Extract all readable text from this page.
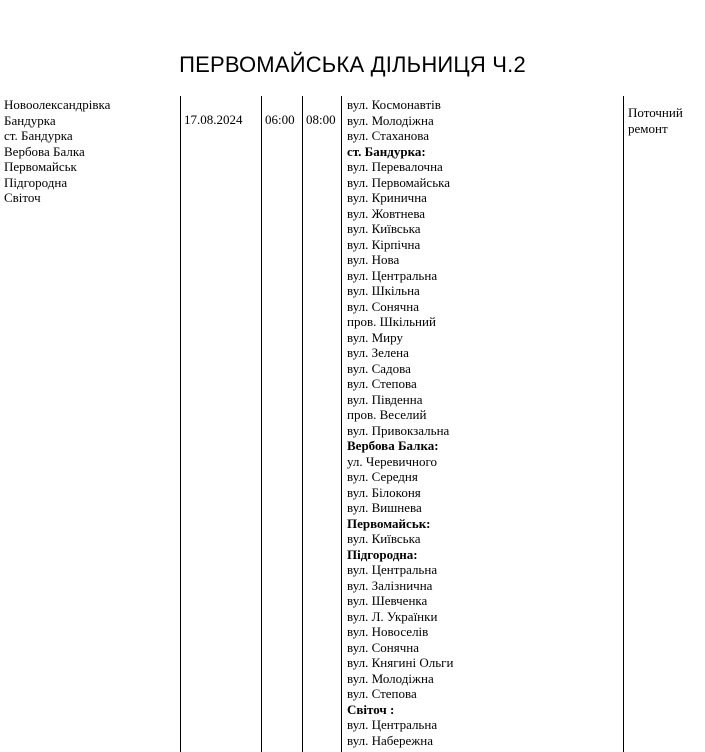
ПЕРВОМАЙСЬКА ДІЛЬНИЦЯ Ч.2
Новоолександрівка
Бандурка
ст. Бандурка
Вербова Балка
Первомайськ
Підгородна
Світоч
17.08.2024 06:00 08:00
вул. Космонавтів
вул. Молодіжна
вул. Стаханова
ст. Бандурка:
вул. Перевалочна
вул. Первомайська
вул. Кринична
вул. Жовтнева
вул. Київська
вул. Кірпічна
вул. Нова
вул. Центральна
вул. Шкільна
вул. Сонячна
пров. Шкільний
вул. Миру
вул. Зелена
вул. Садова
вул. Степова
вул. Південна
пров. Веселий
вул. Привокзальна
Вербова Балка:
ул. Черевичного
вул. Середня
вул. Білоконя
вул. Вишнева
Первомайськ:
вул. Київська
Підгородна:
вул. Центральна
вул. Залізнична
вул. Шевченка
вул. Л. Українки
вул. Новоселів
вул. Сонячна
вул. Княгині Ольги
вул. Молодіжна
вул. Степова
Світоч :
вул. Центральна
вул. Набережна
Поточний
ремонт
